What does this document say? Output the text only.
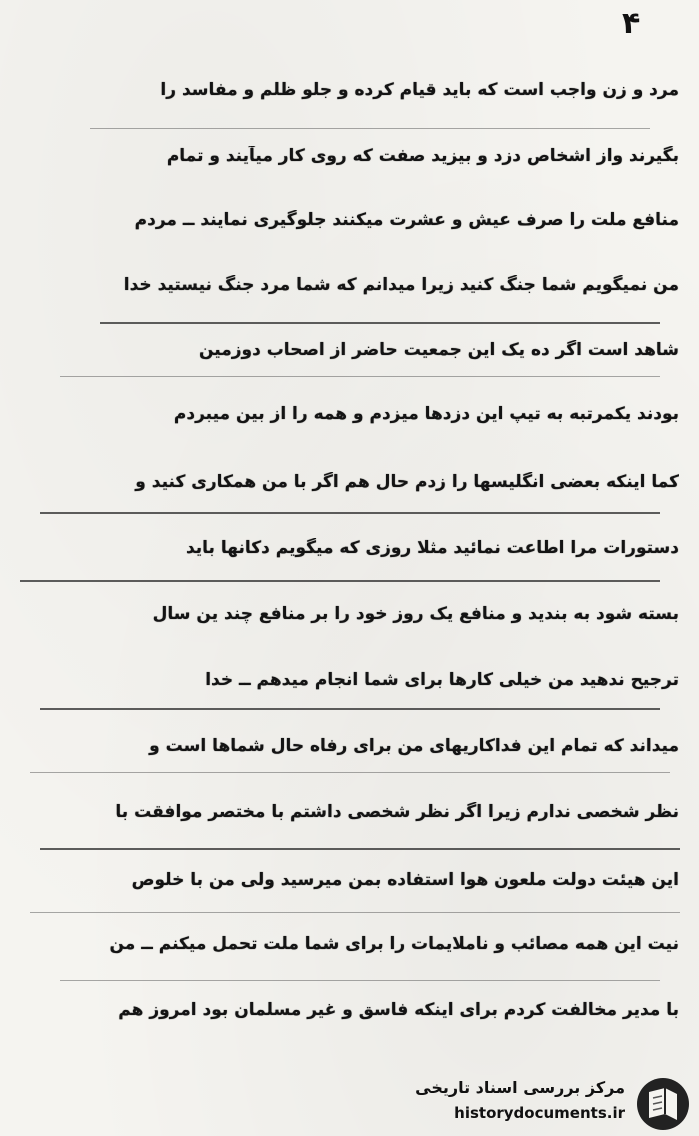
۴
مرد و زن واجب است که باید قیام کرده و جلو ظلم و مفاسد را
بگیرند واز اشخاص دزد و بیزید صفت که روی کار میآیند و تمام
منافع ملت را صرف عیش و عشرت میکنند جلوگیری نمایند ــ مردم
من نمیگویم شما جنگ کنید زیرا میدانم که شما مرد جنگ نیستید خدا
شاهد است اگر ده یک این جمعیت حاضر از اصحاب دوزمین
بودند یکمرتبه به تیپ این دزدها میزدم و همه را از بین میبردم
کما اینکه بعضی انگلیسها را زدم حال هم اگر با من همکاری کنید و
دستورات مرا اطاعت نمائید مثلا روزی که میگویم دکانها باید
بسته شود به بندید و منافع یک روز خود را بر منافع چند ین سال
ترجیح ندهید من خیلی کارها برای شما انجام میدهم ــ خدا
میداند که تمام این فداکاریهای من برای رفاه حال شماها است و
نظر شخصی ندارم زیرا اگر نظر شخصی داشتم با مختصر موافقت با
این هیئت دولت ملعون هوا استفاده بمن میرسید ولی من با خلوص
نیت این همه مصائب و ناملایمات را برای شما ملت تحمل میکنم ــ من
با مدیر مخالفت کردم برای اینکه فاسق و غیر مسلمان بود امروز هم
مرکز بررسی اسناد تاریخی
historydocuments.ir
